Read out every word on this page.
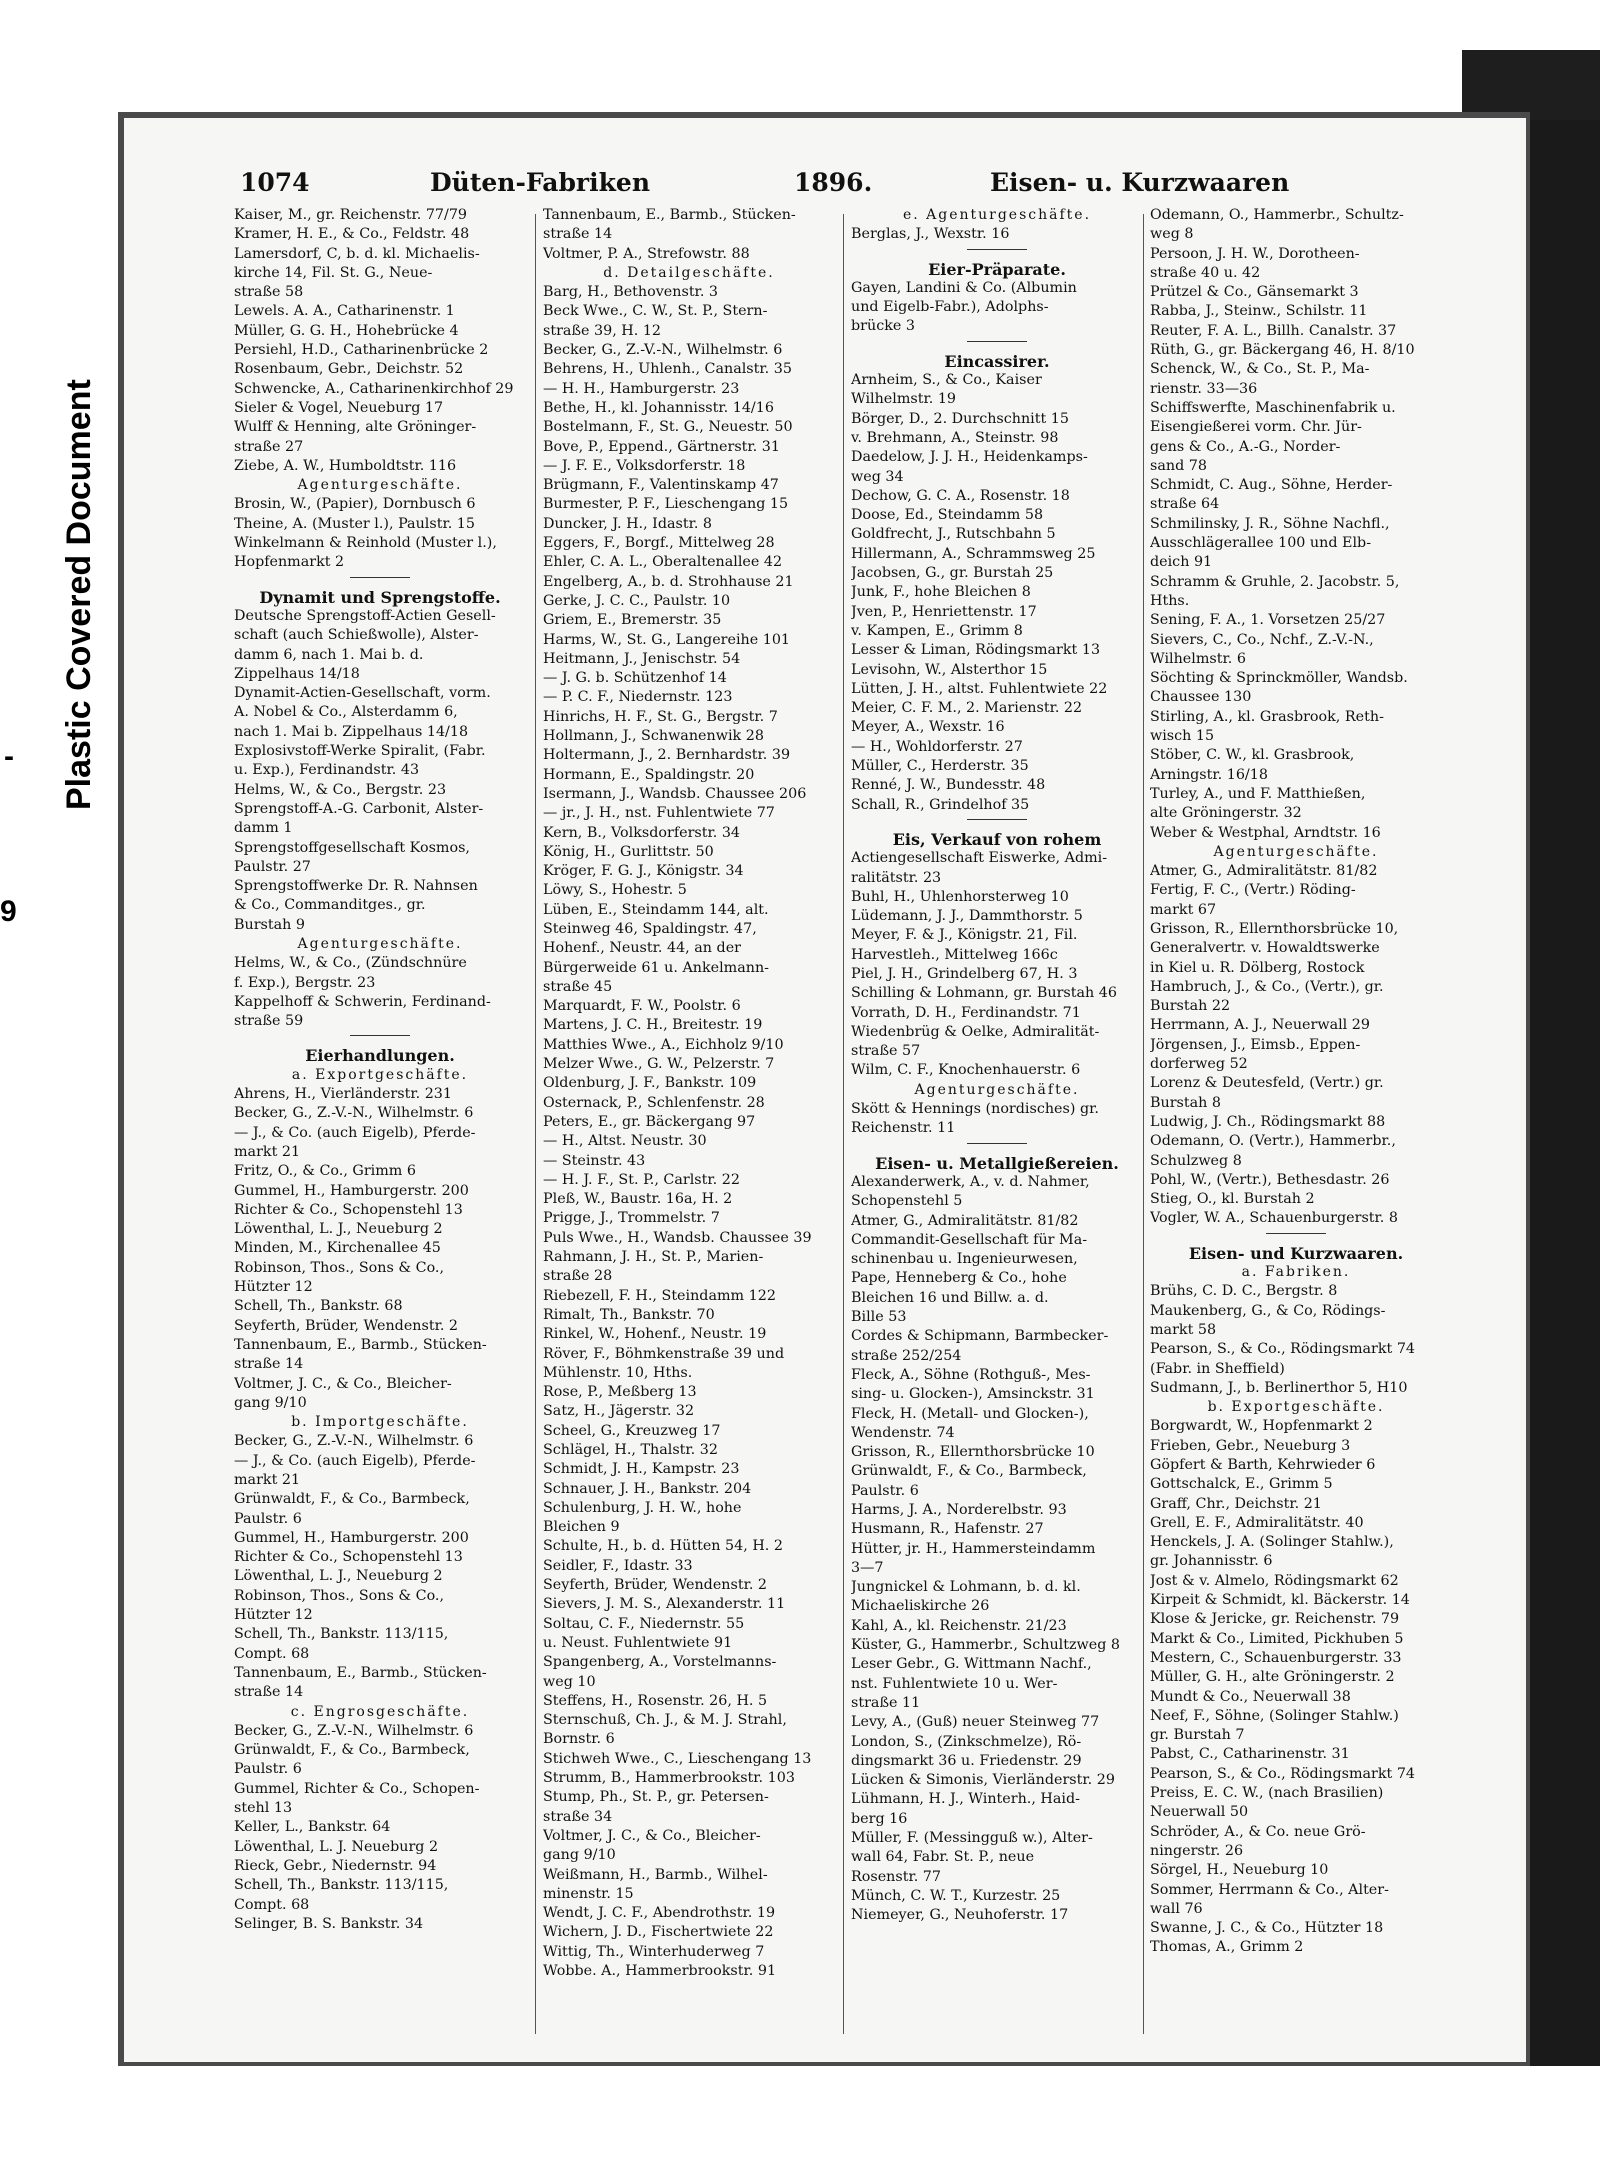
Plastic Covered Document
-
9
1074	Düten-Fabriken	1896.	Eisen- u. Kurzwaaren
Kaiser, M., gr. Reichenstr. 77/79
Kramer, H. E., & Co., Feldstr. 48
Lamersdorf, C, b. d. kl. Michaelis-
kirche 14, Fil. St. G., Neue-
straße 58
Lewels. A. A., Catharinenstr. 1
Müller, G. G. H., Hohebrücke 4
Persiehl, H.D., Catharinenbrücke 2
Rosenbaum, Gebr., Deichstr. 52
Schwencke, A., Catharinenkirchhof 29
Sieler & Vogel, Neueburg 17
Wulff & Henning, alte Gröninger-
straße 27
Ziebe, A. W., Humboldtstr. 116
Agenturgeschäfte.
Brosin, W., (Papier), Dornbusch 6
Theine, A. (Muster l.), Paulstr. 15
Winkelmann & Reinhold (Muster l.),
Hopfenmarkt 2
Dynamit und Sprengstoffe.
Deutsche Sprengstoff-Actien Gesell-
schaft (auch Schießwolle), Alster-
damm 6, nach 1. Mai b. d.
Zippelhaus 14/18
Dynamit-Actien-Gesellschaft, vorm.
A. Nobel & Co., Alsterdamm 6,
nach 1. Mai b. Zippelhaus 14/18
Explosivstoff-Werke Spiralit, (Fabr.
u. Exp.), Ferdinandstr. 43
Helms, W., & Co., Bergstr. 23
Sprengstoff-A.-G. Carbonit, Alster-
damm 1
Sprengstoffgesellschaft Kosmos,
Paulstr. 27
Sprengstoffwerke Dr. R. Nahnsen
& Co., Commanditges., gr.
Burstah 9
Agenturgeschäfte.
Helms, W., & Co., (Zündschnüre
f. Exp.), Bergstr. 23
Kappelhoff & Schwerin, Ferdinand-
straße 59
Eierhandlungen.
a. Exportgeschäfte.
Ahrens, H., Vierländerstr. 231
Becker, G., Z.-V.-N., Wilhelmstr. 6
— J., & Co. (auch Eigelb), Pferde-
markt 21
Fritz, O., & Co., Grimm 6
Gummel, H., Hamburgerstr. 200
Richter & Co., Schopenstehl 13
Löwenthal, L. J., Neueburg 2
Minden, M., Kirchenallee 45
Robinson, Thos., Sons & Co.,
Hützter 12
Schell, Th., Bankstr. 68
Seyferth, Brüder, Wendenstr. 2
Tannenbaum, E., Barmb., Stücken-
straße 14
Voltmer, J. C., & Co., Bleicher-
gang 9/10
b. Importgeschäfte.
Becker, G., Z.-V.-N., Wilhelmstr. 6
— J., & Co. (auch Eigelb), Pferde-
markt 21
Grünwaldt, F., & Co., Barmbeck,
Paulstr. 6
Gummel, H., Hamburgerstr. 200
Richter & Co., Schopenstehl 13
Löwenthal, L. J., Neueburg 2
Robinson, Thos., Sons & Co.,
Hützter 12
Schell, Th., Bankstr. 113/115,
Compt. 68
Tannenbaum, E., Barmb., Stücken-
straße 14
c. Engrosgeschäfte.
Becker, G., Z.-V.-N., Wilhelmstr. 6
Grünwaldt, F., & Co., Barmbeck,
Paulstr. 6
Gummel, Richter & Co., Schopen-
stehl 13
Keller, L., Bankstr. 64
Löwenthal, L. J. Neueburg 2
Rieck, Gebr., Niedernstr. 94
Schell, Th., Bankstr. 113/115,
Compt. 68
Selinger, B. S. Bankstr. 34
Tannenbaum, E., Barmb., Stücken-
straße 14
Voltmer, P. A., Strefowstr. 88
d. Detailgeschäfte.
Barg, H., Bethovenstr. 3
Beck Wwe., C. W., St. P., Stern-
straße 39, H. 12
Becker, G., Z.-V.-N., Wilhelmstr. 6
Behrens, H., Uhlenh., Canalstr. 35
— H. H., Hamburgerstr. 23
Bethe, H., kl. Johannisstr. 14/16
Bostelmann, F., St. G., Neuestr. 50
Bove, P., Eppend., Gärtnerstr. 31
— J. F. E., Volksdorferstr. 18
Brügmann, F., Valentinskamp 47
Burmester, P. F., Lieschengang 15
Duncker, J. H., Idastr. 8
Eggers, F., Borgf., Mittelweg 28
Ehler, C. A. L., Oberaltenallee 42
Engelberg, A., b. d. Strohhause 21
Gerke, J. C. C., Paulstr. 10
Griem, E., Bremerstr. 35
Harms, W., St. G., Langereihe 101
Heitmann, J., Jenischstr. 54
— J. G. b. Schützenhof 14
— P. C. F., Niedernstr. 123
Hinrichs, H. F., St. G., Bergstr. 7
Hollmann, J., Schwanenwik 28
Holtermann, J., 2. Bernhardstr. 39
Hormann, E., Spaldingstr. 20
Isermann, J., Wandsb. Chaussee 206
— jr., J. H., nst. Fuhlentwiete 77
Kern, B., Volksdorferstr. 34
König, H., Gurlittstr. 50
Kröger, F. G. J., Königstr. 34
Löwy, S., Hohestr. 5
Lüben, E., Steindamm 144, alt.
Steinweg 46, Spaldingstr. 47,
Hohenf., Neustr. 44, an der
Bürgerweide 61 u. Ankelmann-
straße 45
Marquardt, F. W., Poolstr. 6
Martens, J. C. H., Breitestr. 19
Matthies Wwe., A., Eichholz 9/10
Melzer Wwe., G. W., Pelzerstr. 7
Oldenburg, J. F., Bankstr. 109
Osternack, P., Schlenfenstr. 28
Peters, E., gr. Bäckergang 97
— H., Altst. Neustr. 30
— Steinstr. 43
— H. J. F., St. P., Carlstr. 22
Pleß, W., Baustr. 16a, H. 2
Prigge, J., Trommelstr. 7
Puls Wwe., H., Wandsb. Chaussee 39
Rahmann, J. H., St. P., Marien-
straße 28
Riebezell, F. H., Steindamm 122
Rimalt, Th., Bankstr. 70
Rinkel, W., Hohenf., Neustr. 19
Röver, F., Böhmkenstraße 39 und
Mühlenstr. 10, Hths.
Rose, P., Meßberg 13
Satz, H., Jägerstr. 32
Scheel, G., Kreuzweg 17
Schlägel, H., Thalstr. 32
Schmidt, J. H., Kampstr. 23
Schnauer, J. H., Bankstr. 204
Schulenburg, J. H. W., hohe
Bleichen 9
Schulte, H., b. d. Hütten 54, H. 2
Seidler, F., Idastr. 33
Seyferth, Brüder, Wendenstr. 2
Sievers, J. M. S., Alexanderstr. 11
Soltau, C. F., Niedernstr. 55
u. Neust. Fuhlentwiete 91
Spangenberg, A., Vorstelmanns-
weg 10
Steffens, H., Rosenstr. 26, H. 5
Sternschuß, Ch. J., & M. J. Strahl,
Bornstr. 6
Stichweh Wwe., C., Lieschengang 13
Strumm, B., Hammerbrookstr. 103
Stump, Ph., St. P., gr. Petersen-
straße 34
Voltmer, J. C., & Co., Bleicher-
gang 9/10
Weißmann, H., Barmb., Wilhel-
minenstr. 15
Wendt, J. C. F., Abendrothstr. 19
Wichern, J. D., Fischertwiete 22
Wittig, Th., Winterhuderweg 7
Wobbe. A., Hammerbrookstr. 91
e. Agenturgeschäfte.
Berglas, J., Wexstr. 16
Eier-Präparate.
Gayen, Landini & Co. (Albumin
und Eigelb-Fabr.), Adolphs-
brücke 3
Eincassirer.
Arnheim, S., & Co., Kaiser
Wilhelmstr. 19
Börger, D., 2. Durchschnitt 15
v. Brehmann, A., Steinstr. 98
Daedelow, J. J. H., Heidenkamps-
weg 34
Dechow, G. C. A., Rosenstr. 18
Doose, Ed., Steindamm 58
Goldfrecht, J., Rutschbahn 5
Hillermann, A., Schrammsweg 25
Jacobsen, G., gr. Burstah 25
Junk, F., hohe Bleichen 8
Jven, P., Henriettenstr. 17
v. Kampen, E., Grimm 8
Lesser & Liman, Rödingsmarkt 13
Levisohn, W., Alsterthor 15
Lütten, J. H., altst. Fuhlentwiete 22
Meier, C. F. M., 2. Marienstr. 22
Meyer, A., Wexstr. 16
— H., Wohldorferstr. 27
Müller, C., Herderstr. 35
Renné, J. W., Bundesstr. 48
Schall, R., Grindelhof 35
Eis, Verkauf von rohem
Actiengesellschaft Eiswerke, Admi-
ralitätstr. 23
Buhl, H., Uhlenhorsterweg 10
Lüdemann, J. J., Dammthorstr. 5
Meyer, F. & J., Königstr. 21, Fil.
Harvestleh., Mittelweg 166c
Piel, J. H., Grindelberg 67, H. 3
Schilling & Lohmann, gr. Burstah 46
Vorrath, D. H., Ferdinandstr. 71
Wiedenbrüg & Oelke, Admiralität-
straße 57
Wilm, C. F., Knochenhauerstr. 6
Agenturgeschäfte.
Skött & Hennings (nordisches) gr.
Reichenstr. 11
Eisen- u. Metallgießereien.
Alexanderwerk, A., v. d. Nahmer,
Schopenstehl 5
Atmer, G., Admiralitätstr. 81/82
Commandit-Gesellschaft für Ma-
schinenbau u. Ingenieurwesen,
Pape, Henneberg & Co., hohe
Bleichen 16 und Billw. a. d.
Bille 53
Cordes & Schipmann, Barmbecker-
straße 252/254
Fleck, A., Söhne (Rothguß-, Mes-
sing- u. Glocken-), Amsinckstr. 31
Fleck, H. (Metall- und Glocken-),
Wendenstr. 74
Grisson, R., Ellernthorsbrücke 10
Grünwaldt, F., & Co., Barmbeck,
Paulstr. 6
Harms, J. A., Norderelbstr. 93
Husmann, R., Hafenstr. 27
Hütter, jr. H., Hammersteindamm
3—7
Jungnickel & Lohmann, b. d. kl.
Michaeliskirche 26
Kahl, A., kl. Reichenstr. 21/23
Küster, G., Hammerbr., Schultzweg 8
Leser Gebr., G. Wittmann Nachf.,
nst. Fuhlentwiete 10 u. Wer-
straße 11
Levy, A., (Guß) neuer Steinweg 77
London, S., (Zinkschmelze), Rö-
dingsmarkt 36 u. Friedenstr. 29
Lücken & Simonis, Vierländerstr. 29
Lühmann, H. J., Winterh., Haid-
berg 16
Müller, F. (Messingguß w.), Alter-
wall 64, Fabr. St. P., neue
Rosenstr. 77
Münch, C. W. T., Kurzestr. 25
Niemeyer, G., Neuhoferstr. 17
Odemann, O., Hammerbr., Schultz-
weg 8
Persoon, J. H. W., Dorotheen-
straße 40 u. 42
Prützel & Co., Gänsemarkt 3
Rabba, J., Steinw., Schilstr. 11
Reuter, F. A. L., Billh. Canalstr. 37
Rüth, G., gr. Bäckergang 46, H. 8/10
Schenck, W., & Co., St. P., Ma-
rienstr. 33—36
Schiffswerfte, Maschinenfabrik u.
Eisengießerei vorm. Chr. Jür-
gens & Co., A.-G., Norder-
sand 78
Schmidt, C. Aug., Söhne, Herder-
straße 64
Schmilinsky, J. R., Söhne Nachfl.,
Ausschlägerallee 100 und Elb-
deich 91
Schramm & Gruhle, 2. Jacobstr. 5,
Hths.
Sening, F. A., 1. Vorsetzen 25/27
Sievers, C., Co., Nchf., Z.-V.-N.,
Wilhelmstr. 6
Söchting & Sprinckmöller, Wandsb.
Chaussee 130
Stirling, A., kl. Grasbrook, Reth-
wisch 15
Stöber, C. W., kl. Grasbrook,
Arningstr. 16/18
Turley, A., und F. Matthießen,
alte Gröningerstr. 32
Weber & Westphal, Arndtstr. 16
Agenturgeschäfte.
Atmer, G., Admiralitätstr. 81/82
Fertig, F. C., (Vertr.) Röding-
markt 67
Grisson, R., Ellernthorsbrücke 10,
Generalvertr. v. Howaldtswerke
in Kiel u. R. Dölberg, Rostock
Hambruch, J., & Co., (Vertr.), gr.
Burstah 22
Herrmann, A. J., Neuerwall 29
Jörgensen, J., Eimsb., Eppen-
dorferweg 52
Lorenz & Deutesfeld, (Vertr.) gr.
Burstah 8
Ludwig, J. Ch., Rödingsmarkt 88
Odemann, O. (Vertr.), Hammerbr.,
Schulzweg 8
Pohl, W., (Vertr.), Bethesdastr. 26
Stieg, O., kl. Burstah 2
Vogler, W. A., Schauenburgerstr. 8
Eisen- und Kurzwaaren.
a. Fabriken.
Brühs, C. D. C., Bergstr. 8
Maukenberg, G., & Co, Rödings-
markt 58
Pearson, S., & Co., Rödingsmarkt 74
(Fabr. in Sheffield)
Sudmann, J., b. Berlinerthor 5, H10
b. Exportgeschäfte.
Borgwardt, W., Hopfenmarkt 2
Frieben, Gebr., Neueburg 3
Göpfert & Barth, Kehrwieder 6
Gottschalck, E., Grimm 5
Graff, Chr., Deichstr. 21
Grell, E. F., Admiralitätstr. 40
Henckels, J. A. (Solinger Stahlw.),
gr. Johannisstr. 6
Jost & v. Almelo, Rödingsmarkt 62
Kirpeit & Schmidt, kl. Bäckerstr. 14
Klose & Jericke, gr. Reichenstr. 79
Markt & Co., Limited, Pickhuben 5
Mestern, C., Schauenburgerstr. 33
Müller, G. H., alte Gröningerstr. 2
Mundt & Co., Neuerwall 38
Neef, F., Söhne, (Solinger Stahlw.)
gr. Burstah 7
Pabst, C., Catharinenstr. 31
Pearson, S., & Co., Rödingsmarkt 74
Preiss, E. C. W., (nach Brasilien)
Neuerwall 50
Schröder, A., & Co. neue Grö-
ningerstr. 26
Sörgel, H., Neueburg 10
Sommer, Herrmann & Co., Alter-
wall 76
Swanne, J. C., & Co., Hützter 18
Thomas, A., Grimm 2
